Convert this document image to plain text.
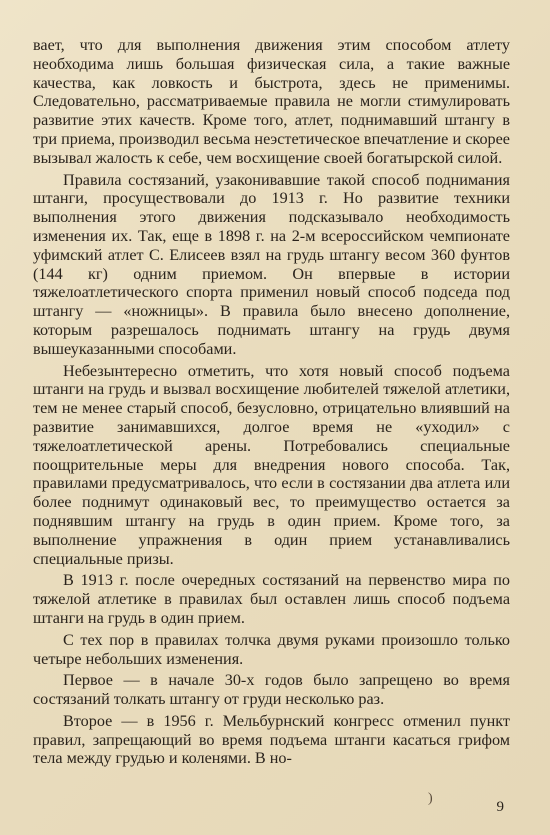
вает, что для выполнения движения этим способом атлету необходима лишь большая физическая сила, а такие важные качества, как ловкость и быстрота, здесь не применимы. Следовательно, рассматриваемые правила не могли стимулировать развитие этих качеств. Кроме того, атлет, поднимавший штангу в три приема, производил весьма неэстетическое впечатление и скорее вызывал жалость к себе, чем восхищение своей богатырской силой.

Правила состязаний, узаконивавшие такой способ поднимания штанги, просуществовали до 1913 г. Но развитие техники выполнения этого движения подсказывало необходимость изменения их. Так, еще в 1898 г. на 2-м всероссийском чемпионате уфимский атлет С. Елисеев взял на грудь штангу весом 360 фунтов (144 кг) одним приемом. Он впервые в истории тяжелоатлетического спорта применил новый способ подседа под штангу — «ножницы». В правила было внесено дополнение, которым разрешалось поднимать штангу на грудь двумя вышеуказанными способами.

Небезынтересно отметить, что хотя новый способ подъема штанги на грудь и вызвал восхищение любителей тяжелой атлетики, тем не менее старый способ, безусловно, отрицательно влиявший на развитие занимавшихся, долгое время не «уходил» с тяжелоатлетической арены. Потребовались специальные поощрительные меры для внедрения нового способа. Так, правилами предусматривалось, что если в состязании два атлета или более поднимут одинаковый вес, то преимущество остается за поднявшим штангу на грудь в один прием. Кроме того, за выполнение упражнения в один прием устанавливались специальные призы.

В 1913 г. после очередных состязаний на первенство мира по тяжелой атлетике в правилах был оставлен лишь способ подъема штанги на грудь в один прием.

С тех пор в правилах толчка двумя руками произошло только четыре небольших изменения.

Первое — в начале 30-х годов было запрещено во время состязаний толкать штангу от груди несколько раз.

Второе — в 1956 г. Мельбурнский конгресс отменил пункт правил, запрещающий во время подъема штанги касаться грифом тела между грудью и коленями. В но-

)
9
